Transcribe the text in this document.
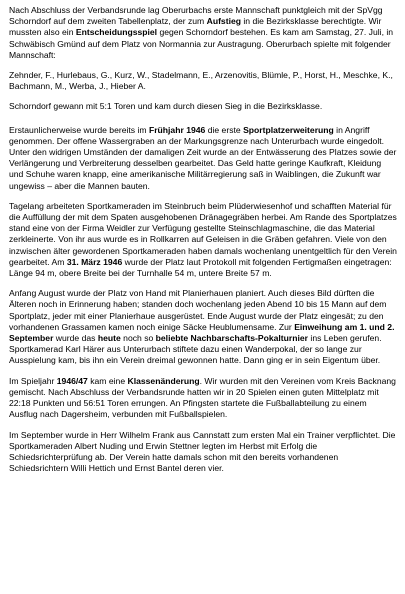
Nach Abschluss der Verbandsrunde lag Oberurbachs erste Mannschaft punktgleich mit der SpVgg Schorndorf auf dem zweiten Tabellenplatz, der zum Aufstieg in die Bezirksklasse berechtigte. Wir mussten also ein Entscheidungsspiel gegen Schorndorf bestehen. Es kam am Samstag, 27. Juli, in Schwäbisch Gmünd auf dem Platz von Normannia zur Austragung. Oberurbach spielte mit folgender Mannschaft:

Zehnder, F., Hurlebaus, G., Kurz, W., Stadelmann, E., Arzenovitis, Blümle, P., Horst, H., Meschke, K., Bachmann, M., Werba, J., Hieber A.

Schorndorf gewann mit 5:1 Toren und kam durch diesen Sieg in die Bezirksklasse.

Erstaunlicherweise wurde bereits im Frühjahr 1946 die erste Sportplatzerweiterung in Angriff genommen. Der offene Wassergraben an der Markungsgrenze nach Unterurbach wurde eingedolt. Unter den widrigen Umständen der damaligen Zeit wurde an der Entwässerung des Platzes sowie der Verlängerung und Verbreiterung desselben gearbeitet. Das Geld hatte geringe Kaufkraft, Kleidung und Schuhe waren knapp, eine amerikanische Militärregierung saß in Waiblingen, die Zukunft war ungewiss – aber die Mannen bauten.

Tagelang arbeiteten Sportkameraden im Steinbruch beim Plüderwiesenhof und schafften Material für die Auffüllung der mit dem Spaten ausgehobenen Dränagegräben herbei. Am Rande des Sportplatzes stand eine von der Firma Weidler zur Verfügung gestellte Steinschlagmaschine, die das Material zerkleinerte. Von ihr aus wurde es in Rollkarren auf Geleisen in die Gräben gefahren. Viele von den inzwischen älter gewordenen Sportkameraden haben damals wochenlang unentgeltlich für den Verein gearbeitet. Am 31. März 1946 wurde der Platz laut Protokoll mit folgenden Fertigmaßen eingetragen: Länge 94 m, obere Breite bei der Turnhalle 54 m, untere Breite 57 m.

Anfang August wurde der Platz von Hand mit Planierhauen planiert. Auch dieses Bild dürften die Älteren noch in Erinnerung haben; standen doch wochenlang jeden Abend 10 bis 15 Mann auf dem Sportplatz, jeder mit einer Planierhaue ausgerüstet. Ende August wurde der Platz eingesät; zu den vorhandenen Grassamen kamen noch einige Säcke Heublumensame. Zur Einweihung am 1. und 2. September wurde das heute noch so beliebte Nachbarschafts-Pokalturnier ins Leben gerufen. Sportkamerad Karl Härer aus Unterurbach stiftete dazu einen Wanderpokal, der so lange zur Ausspielung kam, bis ihn ein Verein dreimal gewonnen hatte. Dann ging er in sein Eigentum über.

Im Spieljahr 1946/47 kam eine Klassenänderung. Wir wurden mit den Vereinen vom Kreis Backnang gemischt. Nach Abschluss der Verbandsrunde hatten wir in 20 Spielen einen guten Mittelplatz mit 22:18 Punkten und 56:51 Toren errungen. An Pfingsten startete die Fußballabteilung zu einem Ausflug nach Dagersheim, verbunden mit Fußballspielen.

Im September wurde in Herr Wilhelm Frank aus Cannstatt zum ersten Mal ein Trainer verpflichtet. Die Sportkameraden Albert Nuding und Erwin Stettner legten im Herbst mit Erfolg die Schiedsrichterprüfung ab. Der Verein hatte damals schon mit den bereits vorhandenen Schiedsrichtern Willi Hettich und Ernst Bantel deren vier.
